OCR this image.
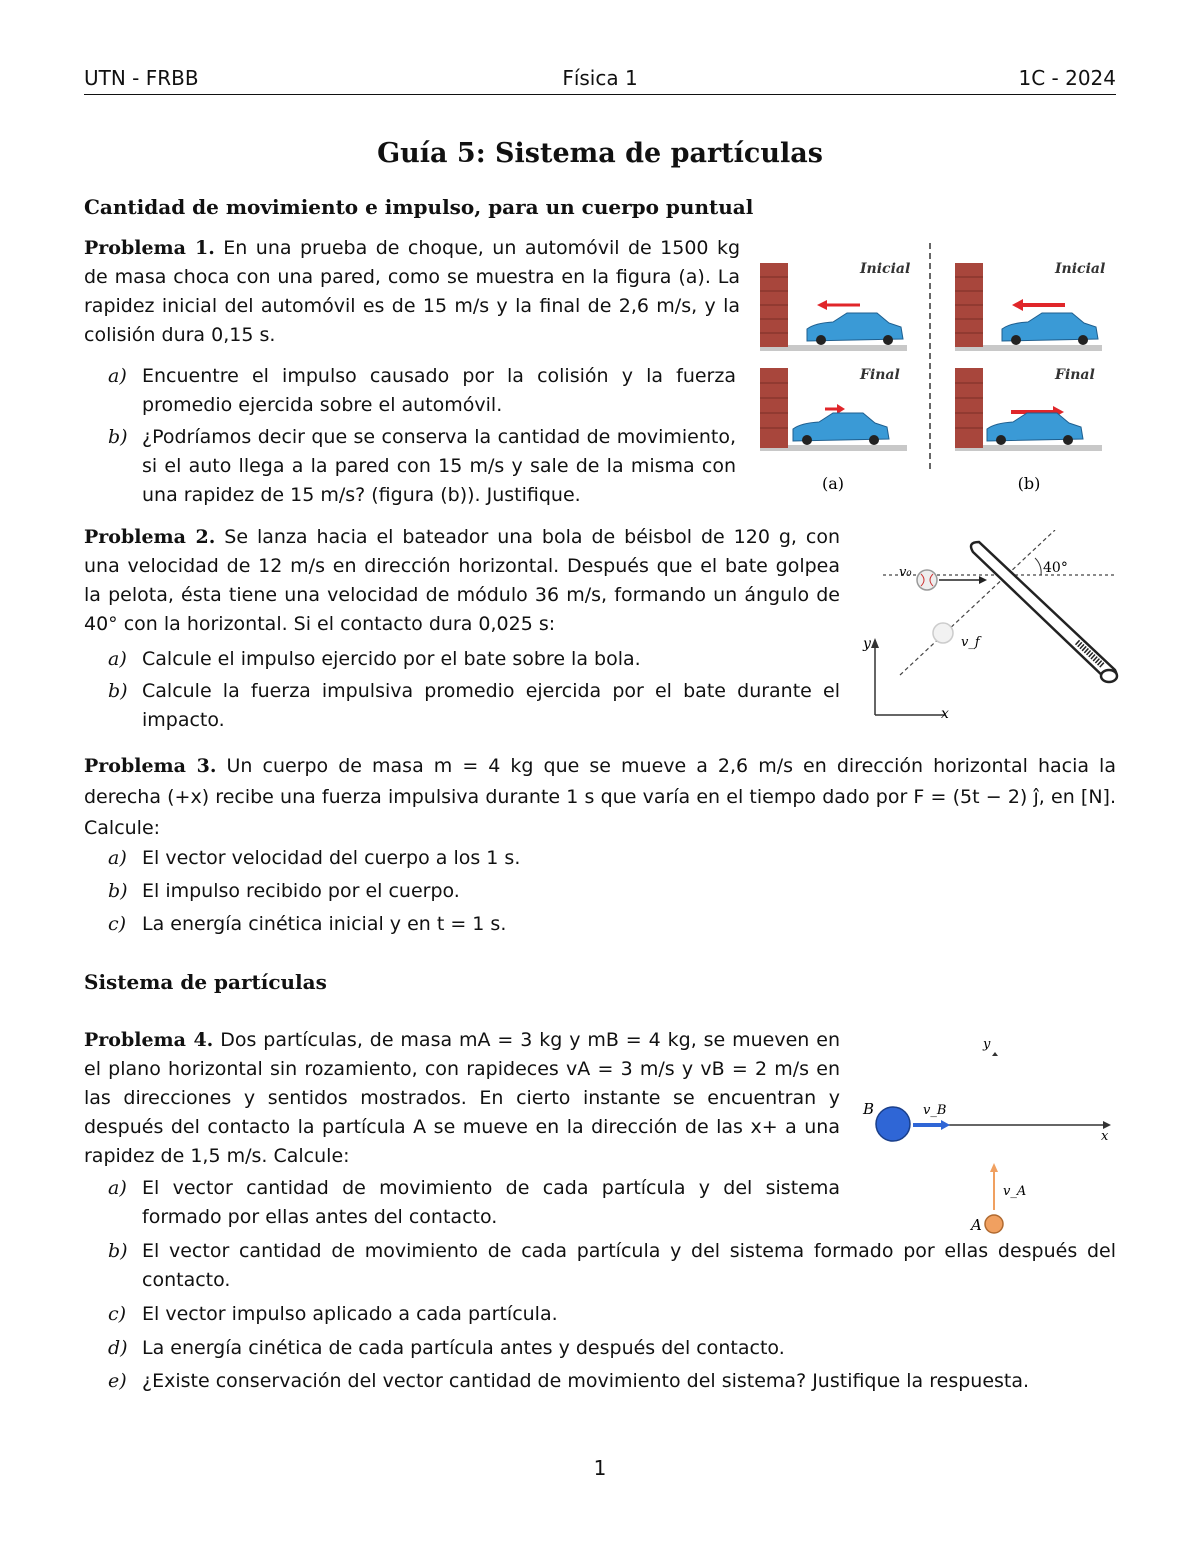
UTN - FRBB	Física 1	1C - 2024
Guía 5: Sistema de partículas
Cantidad de movimiento e impulso, para un cuerpo puntual
Problema 1. En una prueba de choque, un automóvil de 1500 kg de masa choca con una pared, como se muestra en la figura (a). La rapidez inicial del automóvil es de 15 m/s y la final de 2,6 m/s, y la colisión dura 0,15 s.
a) Encuentre el impulso causado por la colisión y la fuerza promedio ejercida sobre el automóvil.
b) ¿Podríamos decir que se conserva la cantidad de movimiento, si el auto llega a la pared con 15 m/s y sale de la misma con una rapidez de 15 m/s? (figura (b)). Justifique.
Inicial
Final
(a)
Inicial
Final
(b)
Problema 2. Se lanza hacia el bateador una bola de béisbol de 120 g, con una velocidad de 12 m/s en dirección horizontal. Después que el bate golpea la pelota, ésta tiene una velocidad de módulo 36 m/s, formando un ángulo de 40° con la horizontal. Si el contacto dura 0,025 s:
a) Calcule el impulso ejercido por el bate sobre la bola.
b) Calcule la fuerza impulsiva promedio ejercida por el bate durante el impacto.
y
x
40°
v₀
v_f
Problema 3. Un cuerpo de masa m = 4 kg que se mueve a 2,6 m/s en dirección horizontal hacia la derecha (+x) recibe una fuerza impulsiva durante 1 s que varía en el tiempo dado por F = (5t − 2) ĵ, en [N]. Calcule:
a) El vector velocidad del cuerpo a los 1 s.
b) El impulso recibido por el cuerpo.
c) La energía cinética inicial y en t = 1 s.
Sistema de partículas
Problema 4. Dos partículas, de masa mA = 3 kg y mB = 4 kg, se mueven en el plano horizontal sin rozamiento, con rapideces vA = 3 m/s y vB = 2 m/s en las direcciones y sentidos mostrados. En cierto instante se encuentran y después del contacto la partícula A se mueve en la dirección de las x+ a una rapidez de 1,5 m/s. Calcule:
a) El vector cantidad de movimiento de cada partícula y del sistema formado por ellas antes del contacto.
b) El vector cantidad de movimiento de cada partícula y del sistema formado por ellas después del contacto.
c) El vector impulso aplicado a cada partícula.
d) La energía cinética de cada partícula antes y después del contacto.
e) ¿Existe conservación del vector cantidad de movimiento del sistema? Justifique la respuesta.
y
x
B	v_B
A
v_A
1
